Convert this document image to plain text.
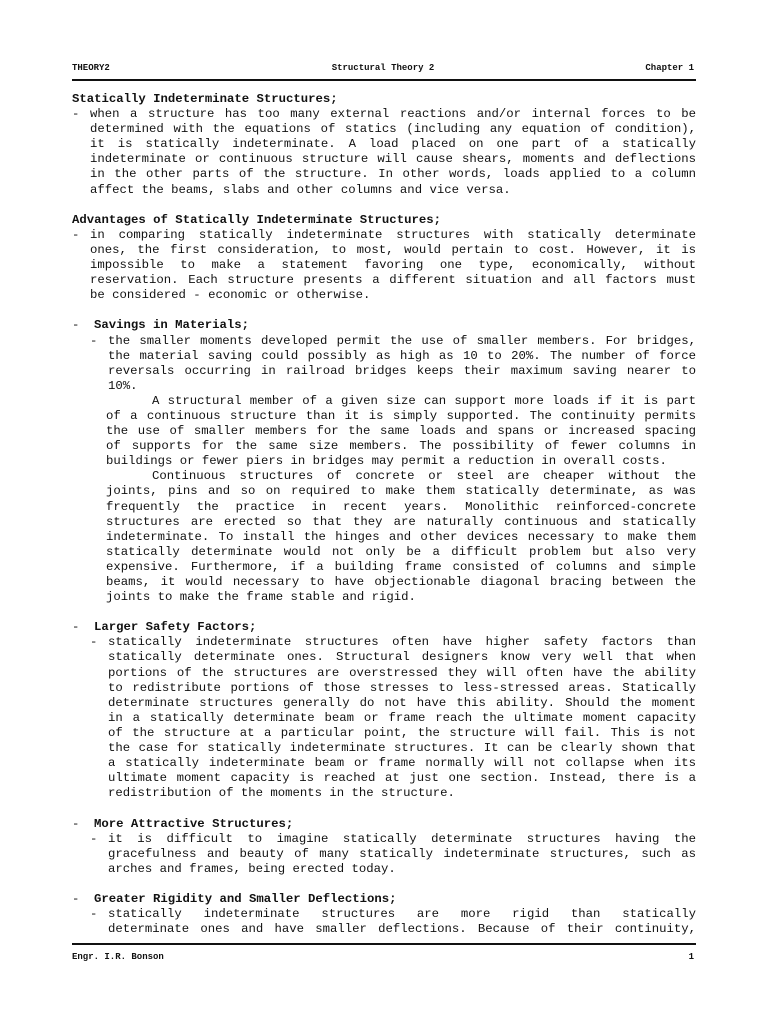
THEORY2	Structural Theory 2	Chapter 1
Statically Indeterminate Structures;
- when a structure has too many external reactions and/or internal forces to be
determined with the equations of statics (including any equation of condition),
it is statically indeterminate. A load placed on one part of a statically
indeterminate or continuous structure will cause shears, moments and deflections
in the other parts of the structure. In other words, loads applied to a column
affect the beams, slabs and other columns and vice versa.
Advantages of Statically Indeterminate Structures;
- in comparing statically indeterminate structures with statically determinate
ones, the first consideration, to most, would pertain to cost. However, it is
impossible to make a statement favoring one type, economically, without
reservation. Each structure presents a different situation and all factors must
be considered - economic or otherwise.
-	Savings in Materials;
- the smaller moments developed permit the use of smaller members. For bridges,
the material saving could possibly as high as 10 to 20%. The number of force
reversals occurring in railroad bridges keeps their maximum saving nearer to
10%.
A structural member of a given size can support more loads if it is part
of a continuous structure than it is simply supported. The continuity permits
the use of smaller members for the same loads and spans or increased spacing
of supports for the same size members. The possibility of fewer columns in
buildings or fewer piers in bridges may permit a reduction in overall costs.
Continuous structures of concrete or steel are cheaper without the
joints, pins and so on required to make them statically determinate, as was
frequently the practice in recent years. Monolithic reinforced-concrete
structures are erected so that they are naturally continuous and statically
indeterminate. To install the hinges and other devices necessary to make them
statically determinate would not only be a difficult problem but also very
expensive. Furthermore, if a building frame consisted of columns and simple
beams, it would necessary to have objectionable diagonal bracing between the
joints to make the frame stable and rigid.
-	Larger Safety Factors;
- statically indeterminate structures often have higher safety factors than
statically determinate ones. Structural designers know very well that when
portions of the structures are overstressed they will often have the ability
to redistribute portions of those stresses to less-stressed areas. Statically
determinate structures generally do not have this ability. Should the moment
in a statically determinate beam or frame reach the ultimate moment capacity
of the structure at a particular point, the structure will fail. This is not
the case for statically indeterminate structures. It can be clearly shown that
a statically indeterminate beam or frame normally will not collapse when its
ultimate moment capacity is reached at just one section. Instead, there is a
redistribution of the moments in the structure.
-	More Attractive Structures;
- it is difficult to imagine statically determinate structures having the
gracefulness and beauty of many statically indeterminate structures, such as
arches and frames, being erected today.
-	Greater Rigidity and Smaller Deflections;
- statically indeterminate structures are more rigid than statically
determinate ones and have smaller deflections. Because of their continuity,
Engr. I.R. Bonson	1
